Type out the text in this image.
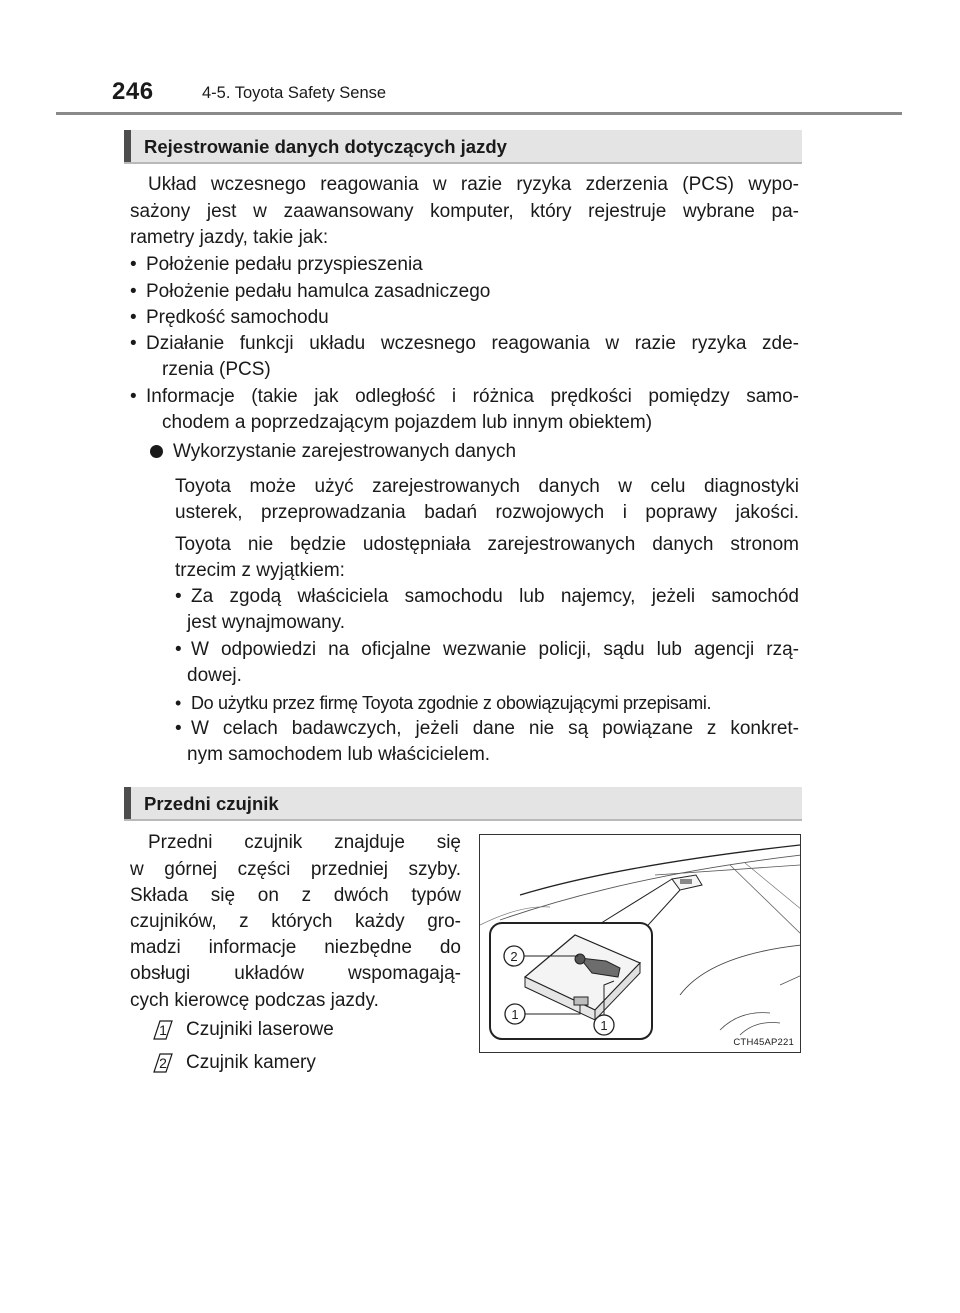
246	4-5. Toyota Safety Sense
Rejestrowanie danych dotyczących jazdy
Układ wczesnego reagowania w razie ryzyka zderzenia (PCS) wypo-
sażony jest w zaawansowany komputer, który rejestruje wybrane pa-
rametry jazdy, takie jak:
• Położenie pedału przyspieszenia
• Położenie pedału hamulca zasadniczego
• Prędkość samochodu
• Działanie funkcji układu wczesnego reagowania w razie ryzyka zde-
rzenia (PCS)
• Informacje (takie jak odległość i różnica prędkości pomiędzy samo-
chodem a poprzedzającym pojazdem lub innym obiektem)
Wykorzystanie zarejestrowanych danych
Toyota może użyć zarejestrowanych danych w celu diagnostyki
usterek, przeprowadzania badań rozwojowych i poprawy jakości.
Toyota nie będzie udostępniała zarejestrowanych danych stronom
trzecim z wyjątkiem:
• Za zgodą właściciela samochodu lub najemcy, jeżeli samochód
jest wynajmowany.
• W odpowiedzi na oficjalne wezwanie policji, sądu lub agencji rzą-
dowej.
• Do użytku przez firmę Toyota zgodnie z obowiązującymi przepisami.
• W celach badawczych, jeżeli dane nie są powiązane z konkret-
nym samochodem lub właścicielem.
Przedni czujnik
Przedni czujnik znajduje się
w górnej części przedniej szyby.
Składa się on z dwóch typów
czujników, z których każdy gro-
madzi informacje niezbędne do
obsługi układów wspomagają-
cych kierowcę podczas jazdy.
1 Czujniki laserowe
2 Czujnik kamery
2
1
1
CTH45AP221
